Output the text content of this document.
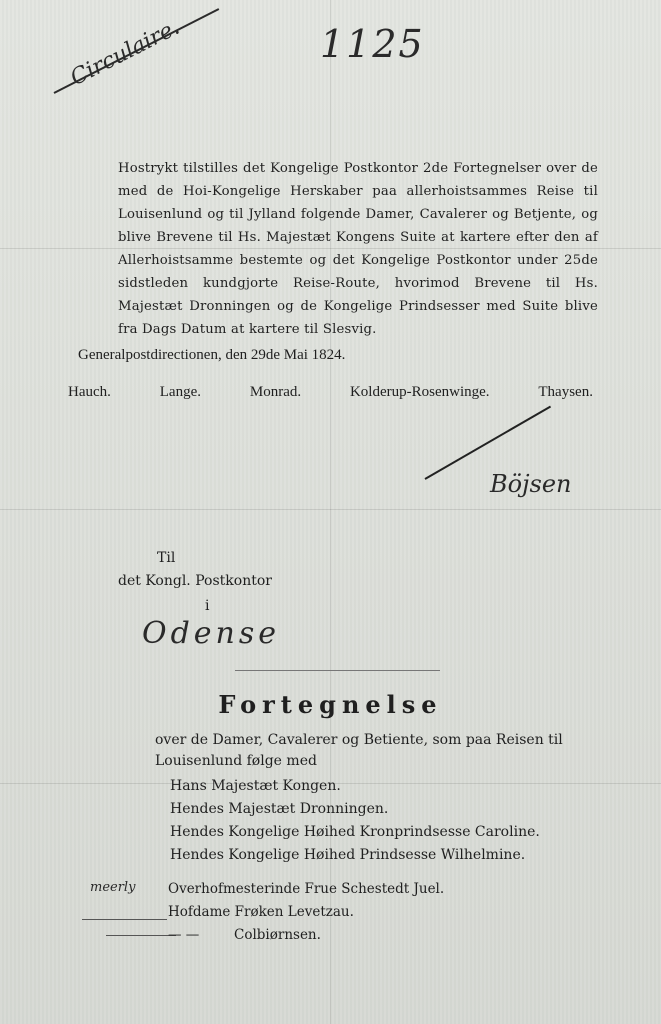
Circulaire.	1125
Hostrykt tilstilles det Kongelige Postkontor 2de Fortegnelser over de med de Hoi-Kongelige Herskaber paa allerhoistsammes Reise til Louisenlund og til Jylland folgende Damer, Cavalerer og Betjente, og blive Brevene til Hs. Majestæt Kongens Suite at kartere efter den af Allerhoistsamme bestemte og det Kongelige Postkontor under 25de sidstleden kundgjorte Reise-Route, hvorimod Brevene til Hs. Majestæt Dronningen og de Kongelige Prindsesser med Suite blive fra Dags Datum at kartere til Slesvig.
Generalpostdirectionen, den 29de Mai 1824.
Hauch.	Lange.	Monrad.	Kolderup-Rosenwinge.	Thaysen.
Böjsen
Til
det Kongl. Postkontor
i
Odense
Fortegnelse
over de Damer, Cavalerer og Betiente, som paa Reisen til Louisenlund følge med
Hans Majestæt Kongen.
Hendes Majestæt Dronningen.
Hendes Kongelige Høihed Kronprindsesse Caroline.
Hendes Kongelige Høihed Prindsesse Wilhelmine.
meerly Overhofmesterinde Frue Schestedt Juel.
Hofdame Frøken Levetzau.
— —	Colbiørnsen.
